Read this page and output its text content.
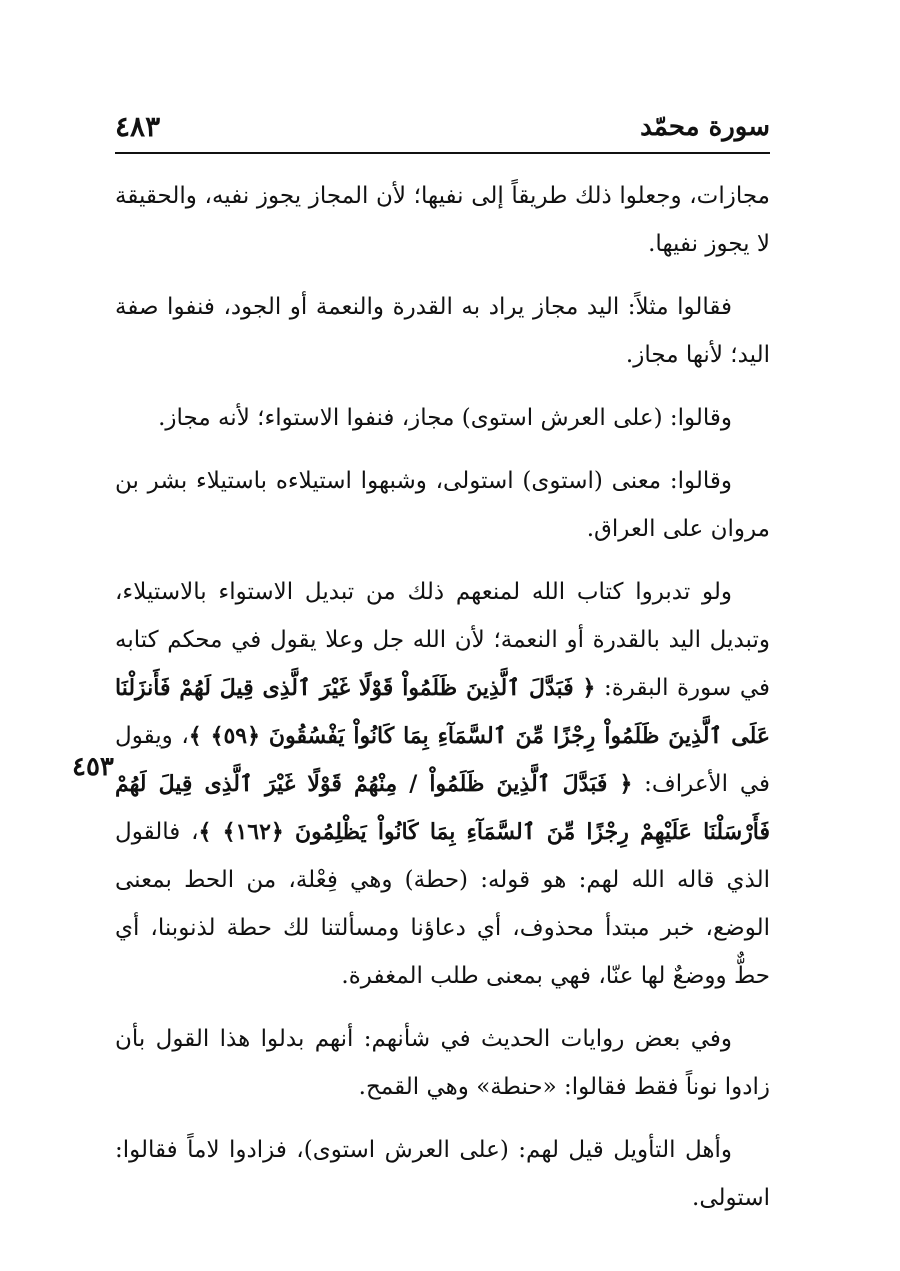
سورة محمّد
٤٨٣
٤٥٣

مجازات، وجعلوا ذلك طريقاً إلى نفيها؛ لأن المجاز يجوز نفيه، والحقيقة لا يجوز نفيها.

فقالوا مثلاً: اليد مجاز يراد به القدرة والنعمة أو الجود، فنفوا صفة اليد؛ لأنها مجاز.

وقالوا: (على العرش استوى) مجاز، فنفوا الاستواء؛ لأنه مجاز.

وقالوا: معنى (استوى) استولى، وشبهوا استيلاءه باستيلاء بشر بن مروان على العراق.

ولو تدبروا كتاب الله لمنعهم ذلك من تبديل الاستواء بالاستيلاء، وتبديل اليد بالقدرة أو النعمة؛ لأن الله جل وعلا يقول في محكم كتابه في سورة البقرة: ﴿ فَبَدَّلَ ٱلَّذِينَ ظَلَمُواْ قَوْلًا غَيْرَ ٱلَّذِى قِيلَ لَهُمْ فَأَنزَلْنَا عَلَى ٱلَّذِينَ ظَلَمُواْ رِجْزًا مِّنَ ٱلسَّمَآءِ بِمَا كَانُواْ يَفْسُقُونَ ﴿٥٩﴾ ﴾، ويقول في الأعراف: ﴿ فَبَدَّلَ ٱلَّذِينَ ظَلَمُواْ / مِنْهُمْ قَوْلًا غَيْرَ ٱلَّذِى قِيلَ لَهُمْ فَأَرْسَلْنَا عَلَيْهِمْ رِجْزًا مِّنَ ٱلسَّمَآءِ بِمَا كَانُواْ يَظْلِمُونَ ﴿١٦٢﴾ ﴾، فالقول الذي قاله الله لهم: هو قوله: (حطة) وهي فِعْلة، من الحط بمعنى الوضع، خبر مبتدأ محذوف، أي دعاؤنا ومسألتنا لك حطة لذنوبنا، أي حطٌّ ووضعٌ لها عنّا، فهي بمعنى طلب المغفرة.

وفي بعض روايات الحديث في شأنهم: أنهم بدلوا هذا القول بأن زادوا نوناً فقط فقالوا: «حنطة» وهي القمح.

وأهل التأويل قيل لهم: (على العرش استوى)، فزادوا لاماً فقالوا: استولى.
